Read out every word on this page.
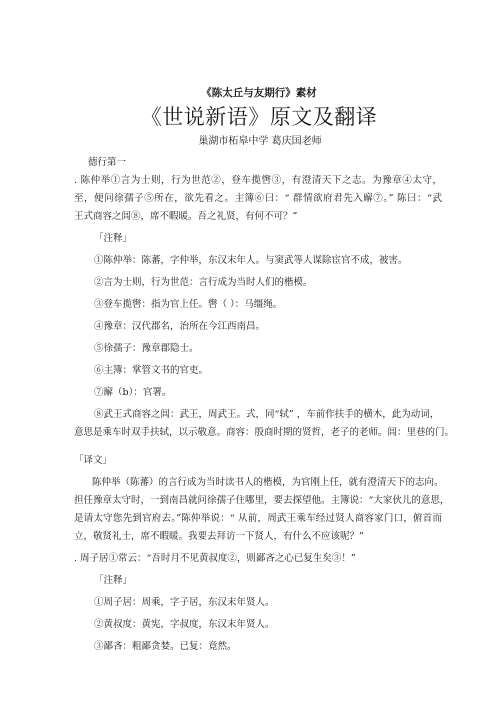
《陈太丘与友期行》素材
《世说新语》原文及翻译
巢湖市柘皋中学 葛庆国老师

德行第一

. 陈仲举①言为士则，行为世范②，登车揽辔③，有澄清天下之志。为豫章④太守，

至，便问徐孺子⑤所在，欲先看之。主簿⑥曰：“ 群情欲府君先入廨⑦。” 陈曰：“武

王式商容之闾⑧，席不暇暖。吾之礼贤，有何不可？”

「注释」

①陈仲举：陈蕃，字仲举，东汉末年人。与窦武等人谋除宦官不成，被害。

②言为士则，行为世范：言行成为当时人们的楷模。

③登车揽辔：指为官上任。辔（ ）：马缰绳。

④豫章：汉代郡名，治所在今江西南昌。

⑤徐孺子：豫章郡隐士。

⑥主簿：掌管文书的官吏。

⑦廨（b）：官署。

⑧武王式商容之闾：武王，周武王。式，同“轼” ，车前作扶手的横木，此为动词，

意思是乘车时双手扶轼，以示敬意。商容：殷商时期的贤哲，老子的老师。闾：里巷的门。

「译文」

陈仲举（陈蕃）的言行成为当时读书人的楷模，为官刚上任，就有澄清天下的志向。

担任豫章太守时，一到南昌就问徐孺子住哪里，要去探望他。主簿说：“大家伙儿的意思，

是请太守您先到官府去。”陈仲举说：“ 从前，周武王乘车经过贤人商容家门口，俯首而

立，敬贤礼士，席不暇暖。我要去拜访一下贤人，有什么不应该呢？”

. 周子居①常云：“吾时月不见黄叔度②，则鄙吝之心已复生矣③！”

「注释」

①周子居：周乘，字子居，东汉末年贤人。

②黄叔度：黄宪，字叔度，东汉末年贤人。

③鄙吝：粗鄙贪婪。已复：竟然。
